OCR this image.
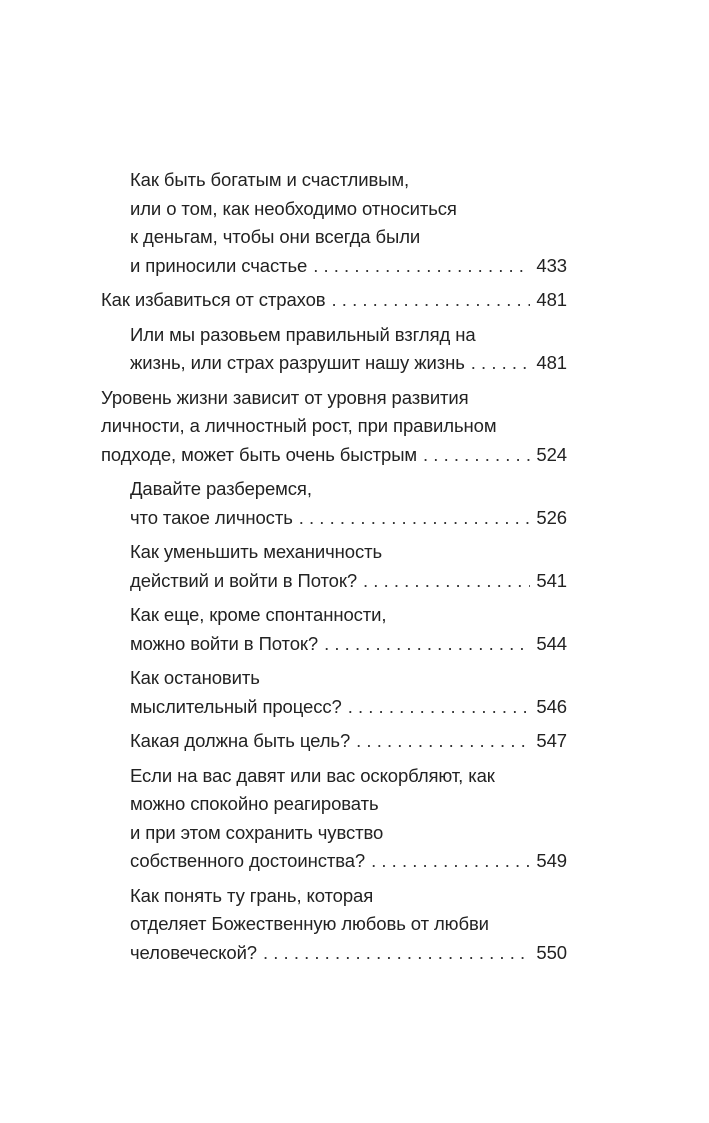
Как быть богатым и счастливым,
или о том, как необходимо относиться
к деньгам, чтобы они всегда были
и приносили счастье . . .	433
Как избавиться от страхов . . .	481
Или мы разовьем правильный взгляд на
жизнь, или страх разрушит нашу жизнь . . .	481
Уровень жизни зависит от уровня развития
личности, а личностный рост, при правильном
подходе, может быть очень быстрым . . .	524
Давайте разберемся,
что такое личность . . .	526
Как уменьшить механичность
действий и войти в Поток? . . .	541
Как еще, кроме спонтанности,
можно войти в Поток? . . .	544
Как остановить
мыслительный процесс? . . .	546
Какая должна быть цель? . . .	547
Если на вас давят или вас оскорбляют, как
можно спокойно реагировать
и при этом сохранить чувство
собственного достоинства? . . .	549
Как понять ту грань, которая
отделяет Божественную любовь от любви
человеческой? . . .	550
